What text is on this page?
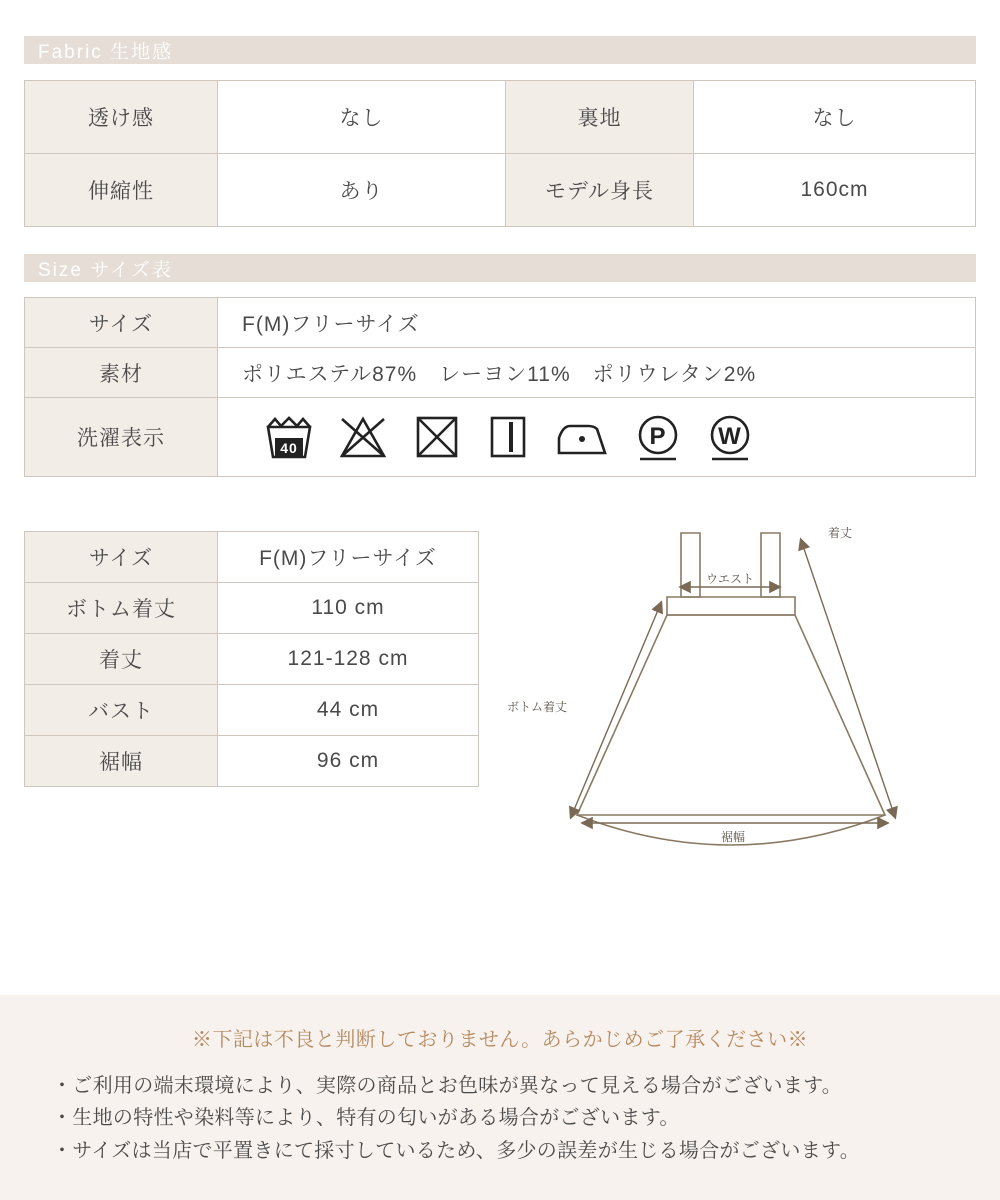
Fabric 生地感
透け感	なし	裏地	なし
伸縮性	あり	モデル身長	160cm
Size サイズ表
サイズ	F(M)フリーサイズ
素材	ポリエステル87%　レーヨン11%　ポリウレタン2%
洗濯表示	40 P W
サイズ	F(M)フリーサイズ
ボトム着丈	110 cm
着丈	121-128 cm
バスト	44 cm
裾幅	96 cm
ウエスト
着丈
ボトム着丈
裾幅
※下記は不良と判断しておりません。あらかじめご了承ください※
・ご利用の端末環境により、実際の商品とお色味が異なって見える場合がございます。
・生地の特性や染料等により、特有の匂いがある場合がございます。
・サイズは当店で平置きにて採寸しているため、多少の誤差が生じる場合がございます。
